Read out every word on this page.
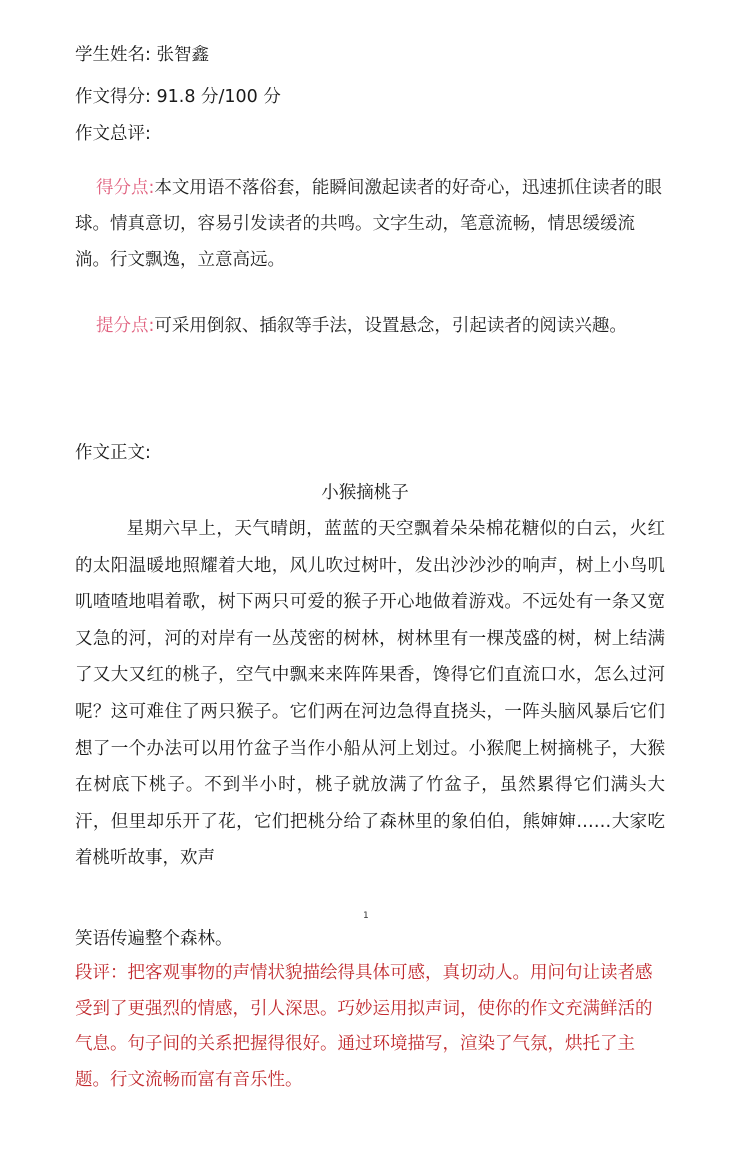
学生姓名: 张智鑫
作文得分: 91.8 分/100 分
作文总评:
得分点:本文用语不落俗套，能瞬间激起读者的好奇心，迅速抓住读者的眼球。情真意切，容易引发读者的共鸣。文字生动，笔意流畅，情思缓缓流淌。行文飘逸，立意高远。
提分点:可采用倒叙、插叙等手法，设置悬念，引起读者的阅读兴趣。
作文正文:
小猴摘桃子

星期六早上，天气晴朗，蓝蓝的天空飘着朵朵棉花糖似的白云，火红的太阳温暖地照耀着大地，风儿吹过树叶，发出沙沙沙的响声，树上小鸟叽叽喳喳地唱着歌，树下两只可爱的猴子开心地做着游戏。不远处有一条又宽又急的河，河的对岸有一丛茂密的树林，树林里有一棵茂盛的树，树上结满了又大又红的桃子，空气中飘来来阵阵果香，馋得它们直流口水，怎么过河呢？这可难住了两只猴子。它们两在河边急得直挠头，一阵头脑风暴后它们想了一个办法可以用竹盆子当作小船从河上划过。小猴爬上树摘桃子，大猴在树底下桃子。不到半小时，桃子就放满了竹盆子，虽然累得它们满头大汗，但里却乐开了花，它们把桃分给了森林里的象伯伯，熊婶婶……大家吃着桃听故事，欢声

1
笑语传遍整个森林。
段评：把客观事物的声情状貌描绘得具体可感，真切动人。用问句让读者感受到了更强烈的情感，引人深思。巧妙运用拟声词，使你的作文充满鲜活的气息。句子间的关系把握得很好。通过环境描写，渲染了气氛，烘托了主题。行文流畅而富有音乐性。
